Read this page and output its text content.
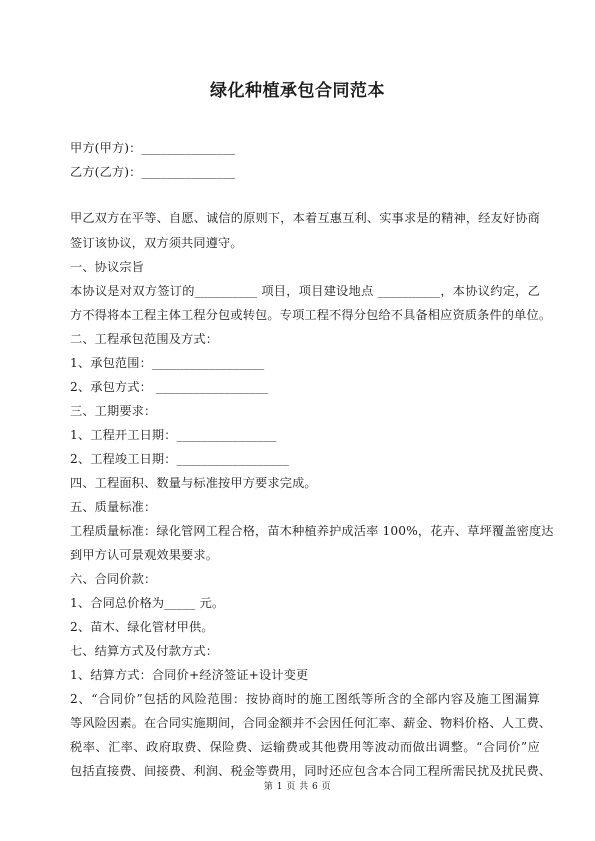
绿化种植承包合同范本
甲方(甲方)：_______________
乙方(乙方)：_______________
甲乙双方在平等、自愿、诚信的原则下，本着互惠互利、实事求是的精神，经友好协商
签订该协议，双方须共同遵守。
一、协议宗旨
本协议是对双方签订的__________ 项目，项目建设地点 __________，本协议约定，乙
方不得将本工程主体工程分包或转包。专项工程不得分包给不具备相应资质条件的单位。
二、工程承包范围及方式：
1、承包范围：__________________
2、承包方式： __________________
三、工期要求：
1、工程开工日期：________________
2、工程竣工日期：__________________
四、工程面积、数量与标准按甲方要求完成。
五、质量标准：
工程质量标准：绿化管网工程合格，苗木种植养护成活率 100%，花卉、草坪覆盖密度达
到甲方认可景观效果要求。
六、合同价款：
1、合同总价格为_____ 元。
2、苗木、绿化管材甲供。
七、结算方式及付款方式：
1、结算方式：合同价+经济签证+设计变更
2、“合同价”包括的风险范围：按协商时的施工图纸等所含的全部内容及施工图漏算
等风险因素。在合同实施期间，合同金额并不会因任何汇率、薪金、物料价格、人工费、
税率、汇率、政府取费、保险费、运输费或其他费用等波动而做出调整。“合同价”应
包括直接费、间接费、利润、税金等费用，同时还应包含本合同工程所需民扰及扰民费、
第 1 页 共 6 页
